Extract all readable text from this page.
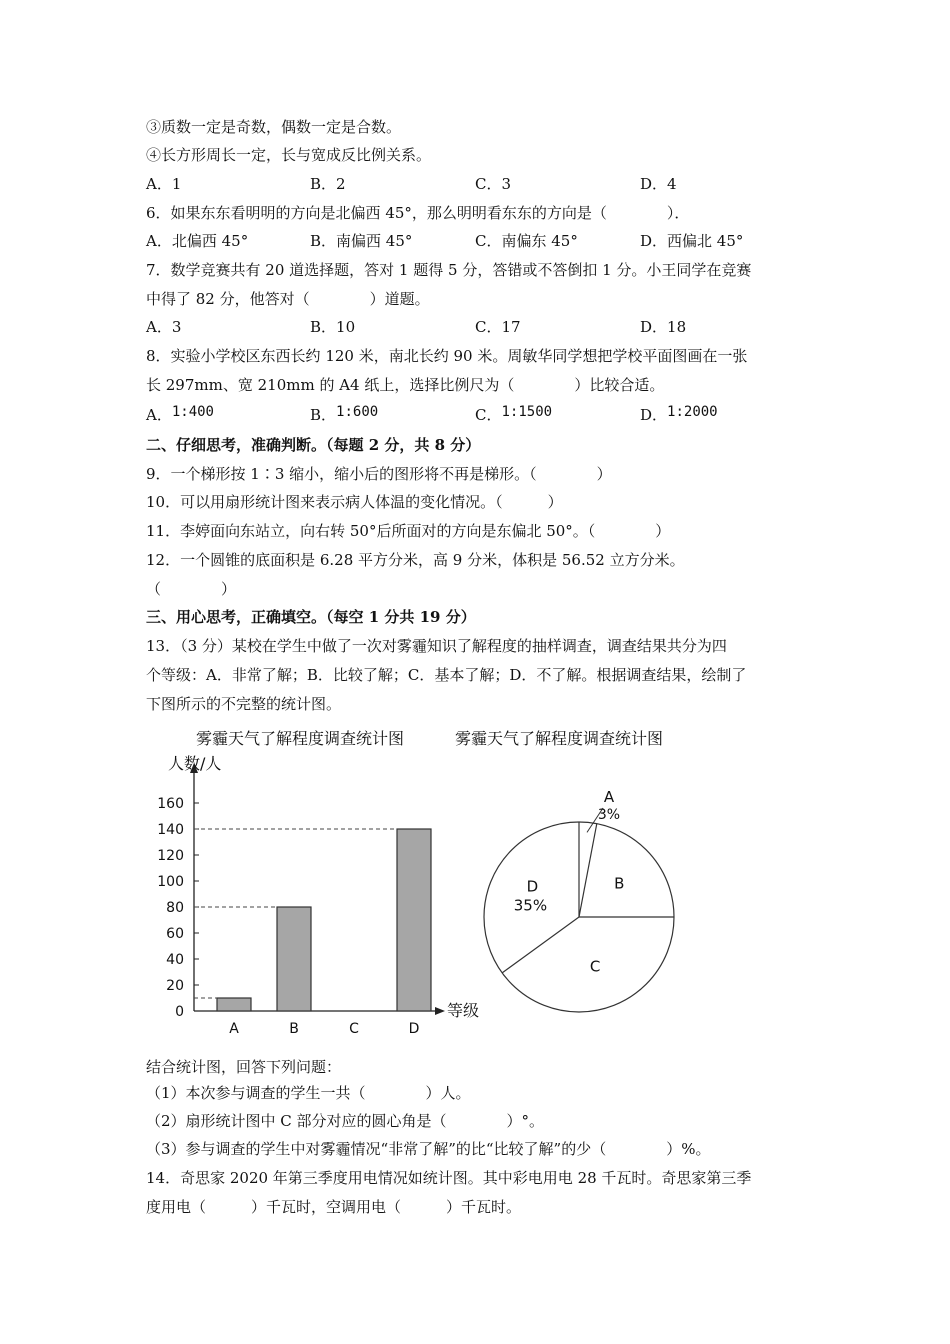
③质数一定是奇数，偶数一定是合数。
④长方形周长一定，长与宽成反比例关系。
A．1	B．2	C．3	D．4
6．如果东东看明明的方向是北偏西 45°，那么明明看东东的方向是（　　　　）．
A．北偏西 45°	B．南偏西 45°	C．南偏东 45°	D．西偏北 45°
7．数学竞赛共有 20 道选择题，答对 1 题得 5 分，答错或不答倒扣 1 分。小王同学在竞赛
中得了 82 分，他答对（　　　　）道题。
A．3	B．10	C．17	D．18
8．实验小学校区东西长约 120 米，南北长约 90 米。周敏华同学想把学校平面图画在一张
长 297mm、宽 210mm 的 A4 纸上，选择比例尺为（　　　　）比较合适。
A．1:400	B．1:600	C．1:1500	D．1:2000
二、仔细思考，准确判断。（每题 2 分，共 8 分）
9．一个梯形按 1∶3 缩小，缩小后的图形将不再是梯形。（　　　　）
10．可以用扇形统计图来表示病人体温的变化情况。（　　　）
11．李婷面向东站立，向右转 50°后所面对的方向是东偏北 50°。（　　　　）
12．一个圆锥的底面积是 6.28 平方分米，高 9 分米，体积是 56.52 立方分米。
（　　　　）
三、用心思考，正确填空。（每空 1 分共 19 分）
13．（3 分）某校在学生中做了一次对雾霾知识了解程度的抽样调查，调查结果共分为四
个等级：A．非常了解；B．比较了解；C．基本了解；D．不了解。根据调查结果，绘制了
下图所示的不完整的统计图。
雾霾天气了解程度调查统计图	雾霾天气了解程度调查统计图
人数/人
等级
0
20
40
60
80
100
120
140
160
A	B	C	D
A
3%
B
C
D
35%
结合统计图，回答下列问题：
（1）本次参与调查的学生一共（　　　　）人。
（2）扇形统计图中 C 部分对应的圆心角是（　　　　）°。
（3）参与调查的学生中对雾霾情况“非常了解”的比“比较了解”的少（　　　　）%。
14．奇思家 2020 年第三季度用电情况如统计图。其中彩电用电 28 千瓦时。奇思家第三季
度用电（　　　）千瓦时，空调用电（　　　）千瓦时。
